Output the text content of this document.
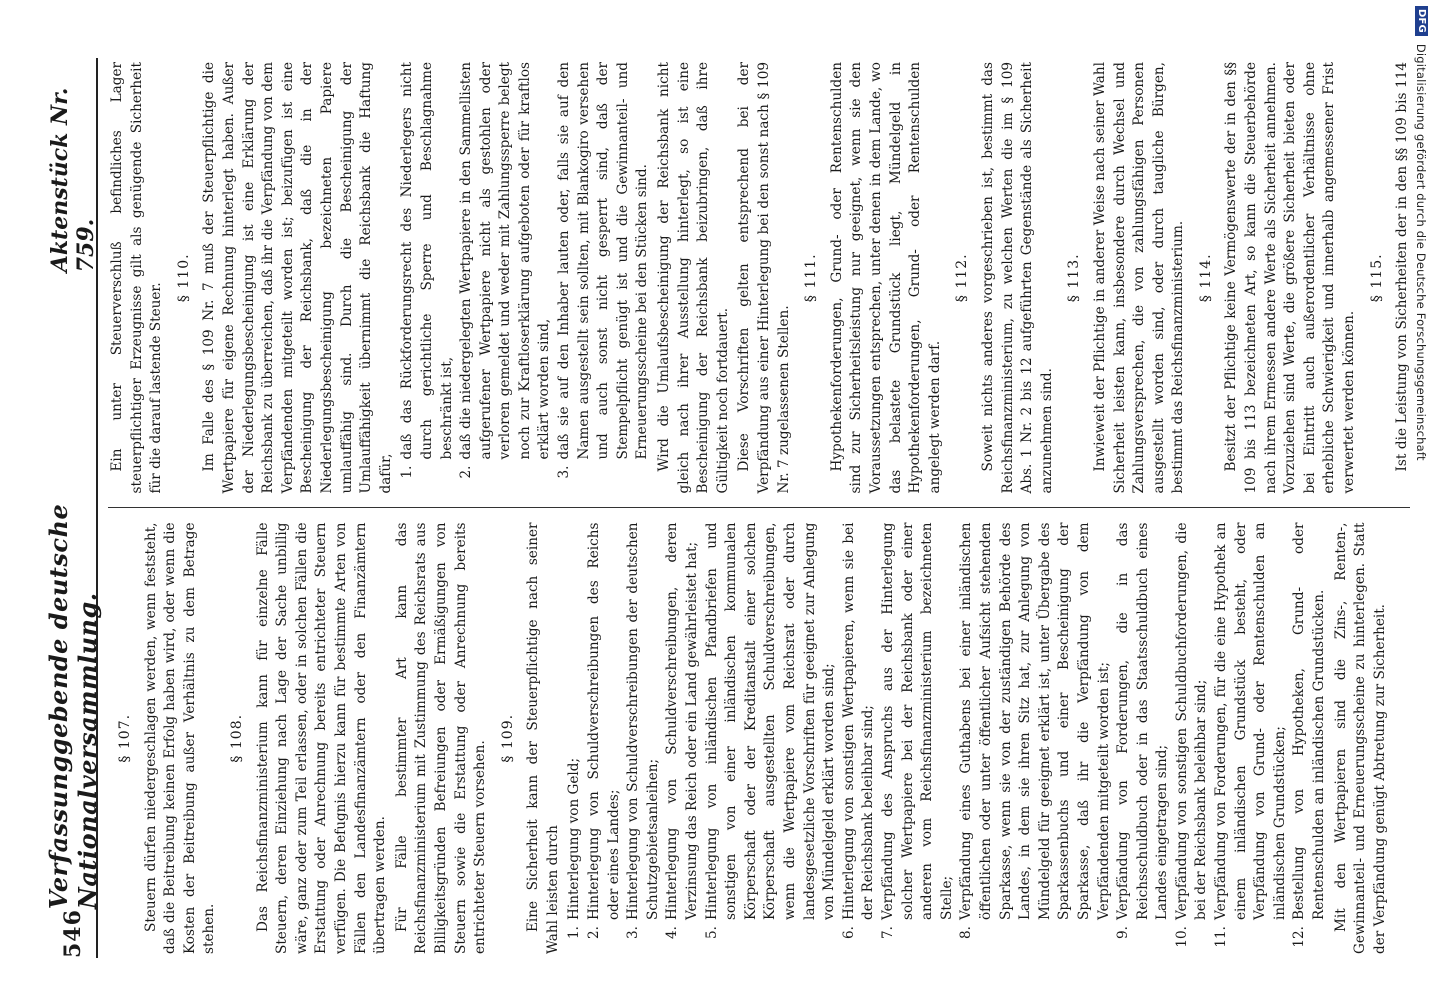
546
Verfassunggebende deutsche Nationalversammlung.
Aktenstück Nr. 759.
§ 107. Steuern dürfen niedergeschlagen werden, wenn feststeht, daß die Beitreibung keinen Erfolg haben wird, oder wenn die Kosten der Beitreibung außer Verhältnis zu dem Betrage stehen.

§ 108. Das Reichsfinanzministerium kann für einzelne Fälle Steuern, deren Einziehung nach Lage der Sache unbillig wäre, ganz oder zum Teil erlassen, oder in solchen Fällen die Erstattung oder Anrechnung bereits entrichteter Steuern verfügen. Die Befugnis hierzu kann für bestimmte Arten von Fällen den Landesfinanzämtern oder den Finanzämtern übertragen werden. Für Fälle bestimmter Art kann das Reichsfinanzministerium mit Zustimmung des Reichsrats aus Billigkeitsgründen Befreiungen oder Ermäßigungen von Steuern sowie die Erstattung oder Anrechnung bereits entrichteter Steuern vorsehen.

§ 109. Eine Sicherheit kann der Steuerpflichtige nach seiner Wahl leisten durch 1.
Hinterlegung von Geld;
2.
Hinterlegung von Schuldverschreibungen des Reichs oder eines Landes;
3.
Hinterlegung von Schuldverschreibungen der deutschen Schutzgebietsanleihen;
4.
Hinterlegung von Schuldverschreibungen, deren Verzinsung das Reich oder ein Land gewährleistet hat;
5.
Hinterlegung von inländischen Pfandbriefen und sonstigen von einer inländischen kommunalen Körperschaft oder der Kreditanstalt einer solchen Körperschaft ausgestellten Schuldverschreibungen, wenn die Wertpapiere vom Reichsrat oder durch landesgesetzliche Vorschriften für geeignet zur Anlegung von Mündelgeld erklärt worden sind;
6.
Hinterlegung von sonstigen Wertpapieren, wenn sie bei der Reichsbank beleihbar sind;
7.
Verpfändung des Anspruchs aus der Hinterlegung solcher Wertpapiere bei der Reichsbank oder einer anderen vom Reichsfinanzministerium bezeichneten Stelle;
8.
Verpfändung eines Guthabens bei einer inländischen öffentlichen oder unter öffentlicher Aufsicht stehenden Sparkasse, wenn sie von der zuständigen Behörde des Landes, in dem sie ihren Sitz hat, zur Anlegung von Mündelgeld für geeignet erklärt ist, unter Übergabe des Sparkassenbuchs und einer Bescheinigung der Sparkasse, daß ihr die Verpfändung von dem Verpfändenden mitgeteilt worden ist;
9.
Verpfändung von Forderungen, die in das Reichsschuldbuch oder in das Staatsschuldbuch eines Landes eingetragen sind;
10.
Verpfändung von sonstigen Schuldbuchforderungen, die bei der Reichsbank beleihbar sind;
11.
Verpfändung von Forderungen, für die eine Hypothek an einem inländischen Grundstück besteht, oder Verpfändung von Grund- oder Rentenschulden an inländischen Grundstücken;
12.
Bestellung von Hypotheken, Grund- oder Rentenschulden an inländischen Grundstücken. Mit den Wertpapieren sind die Zins-, Renten-, Gewinnanteil- und Erneuerungsscheine zu hinterlegen. Statt der Verpfändung genügt Abtretung zur Sicherheit.

Ein unter Steuerverschluß befindliches Lager steuerpflichtiger Erzeugnisse gilt als genügende Sicherheit für die darauf lastende Steuer.

§ 110. Im Falle des § 109 Nr. 7 muß der Steuerpflichtige die Wertpapiere für eigene Rechnung hinterlegt haben. Außer der Niederlegungsbescheinigung ist eine Erklärung der Reichsbank zu überreichen, daß ihr die Verpfändung von dem Verpfändenden mitgeteilt worden ist; beizufügen ist eine Bescheinigung der Reichsbank, daß die in der Niederlegungsbescheinigung bezeichneten Papiere umlauffähig sind. Durch die Bescheinigung der Umlauffähigkeit übernimmt die Reichsbank die Haftung dafür, 1.
daß das Rückforderungsrecht des Niederlegers nicht durch gerichtliche Sperre und Beschlagnahme beschränkt ist,
2.
daß die niedergelegten Wertpapiere in den Sammellisten aufgerufener Wertpapiere nicht als gestohlen oder verloren gemeldet und weder mit Zahlungssperre belegt noch zur Kraftloserklärung aufgeboten oder für kraftlos erklärt worden sind,
3.
daß sie auf den Inhaber lauten oder, falls sie auf den Namen ausgestellt sein sollten, mit Blankogiro versehen und auch sonst nicht gesperrt sind, daß der Stempelpflicht genügt ist und die Gewinnanteil- und Erneuerungsscheine bei den Stücken sind. Wird die Umlaufsbescheinigung der Reichsbank nicht gleich nach ihrer Ausstellung hinterlegt, so ist eine Bescheinigung der Reichsbank beizubringen, daß ihre Gültigkeit noch fortdauert. Diese Vorschriften gelten entsprechend bei der Verpfändung aus einer Hinterlegung bei den sonst nach § 109 Nr. 7 zugelassenen Stellen.

§ 111. Hypothekenforderungen, Grund- oder Rentenschulden sind zur Sicherheitsleistung nur geeignet, wenn sie den Voraussetzungen entsprechen, unter denen in dem Lande, wo das belastete Grundstück liegt, Mündelgeld in Hypothekenforderungen, Grund- oder Rentenschulden angelegt werden darf.

§ 112. Soweit nichts anderes vorgeschrieben ist, bestimmt das Reichsfinanzministerium, zu welchen Werten die im § 109 Abs. 1 Nr. 2 bis 12 aufgeführten Gegenstände als Sicherheit anzunehmen sind.

§ 113. Inwieweit der Pflichtige in anderer Weise nach seiner Wahl Sicherheit leisten kann, insbesondere durch Wechsel und Zahlungsversprechen, die von zahlungsfähigen Personen ausgestellt worden sind, oder durch taugliche Bürgen, bestimmt das Reichsfinanzministerium. § 114. Besitzt der Pflichtige keine Vermögenswerte der in den §§ 109 bis 113 bezeichneten Art, so kann die Steuerbehörde nach ihrem Ermessen andere Werte als Sicherheit annehmen. Vorzuziehen sind Werte, die größere Sicherheit bieten oder bei Eintritt auch außerordentlicher Verhältnisse ohne erhebliche Schwierigkeit und innerhalb angemessener Frist verwertet werden können.

§ 115.

Ist die Leistung von Sicherheiten der in den §§ 109 bis 114

DFG Digitalisierung gefördert durch die Deutsche Forschungsgemeinschaft
